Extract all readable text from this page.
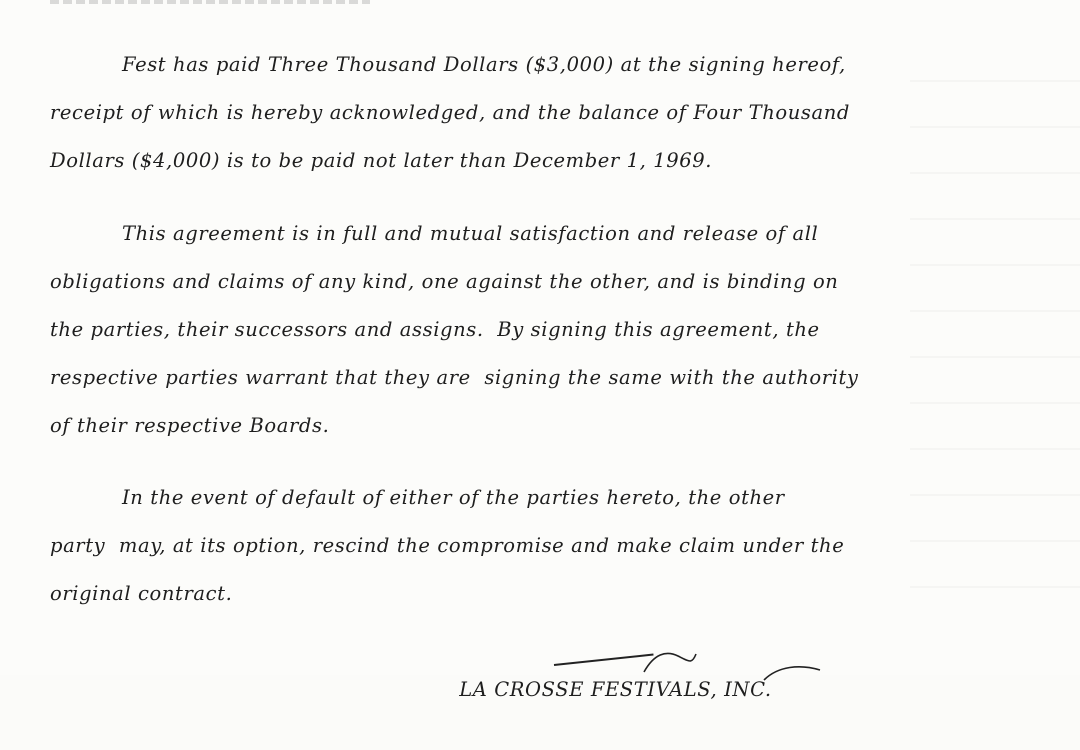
Fest has paid Three Thousand Dollars ($3,000) at the signing hereof,
receipt of which is hereby acknowledged, and the balance of Four Thousand
Dollars ($4,000) is to be paid not later than December 1, 1969.
This agreement is in full and mutual satisfaction and release of all
obligations and claims of any kind, one against the other, and is binding on
the parties, their successors and assigns.  By signing this agreement, the
respective parties warrant that they are  signing the same with the authority
of their respective Boards.
In the event of default of either of the parties hereto, the other
party  may, at its option, rescind the compromise and make claim under the
original contract.

LA CROSSE FESTIVALS, INC.
